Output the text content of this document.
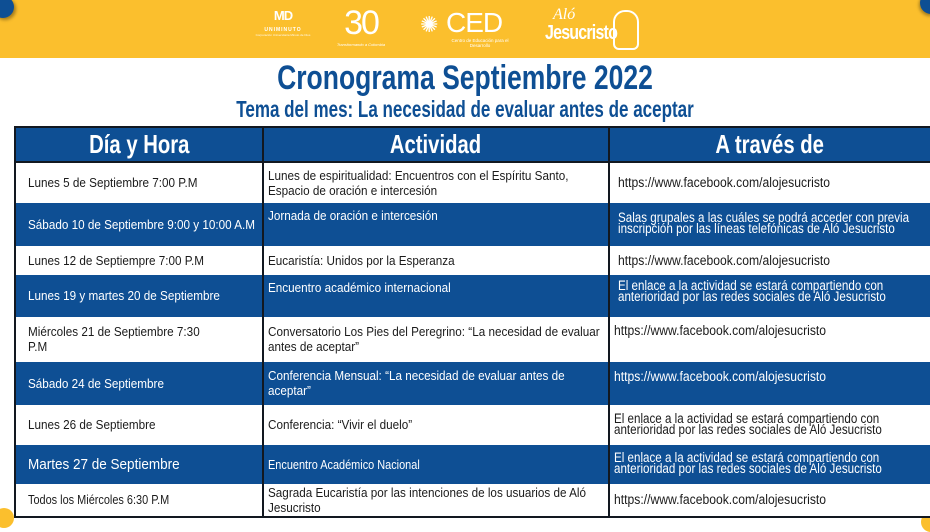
MD
UNIMINUTO
Corporación Universitaria Minuto de Dios 30
Transformando a Colombia
✺ CED
Centro de Educación para el Desarrollo
Aló
Jesucristo
Cronograma Septiembre 2022
Tema del mes: La necesidad de evaluar antes de aceptar
Día y Hora	Actividad	A través de
Lunes 5 de Septiembre 7:00 P.M	Lunes de espiritualidad: Encuentros con el Espíritu Santo, Espacio de oración e intercesión	https://www.facebook.com/alojesucristo
Sábado 10 de Septiembre 9:00 y 10:00 A.M	Jornada de oración e intercesión	Salas grupales a las cuáles se podrá acceder con previa inscripción por las líneas telefónicas de Aló Jesucristo
Lunes 12 de Septiempre 7:00 P.M	Eucaristía: Unidos por la Esperanza	https://www.facebook.com/alojesucristo
Lunes 19 y martes 20 de Septiembre	Encuentro académico internacional	El enlace a la actividad se estará compartiendo con anterioridad por las redes sociales de Aló Jesucristo
Miércoles 21 de Septiembre 7:30 P.M	Conversatorio Los Pies del Peregrino: “La necesidad de evaluar antes de aceptar”	https://www.facebook.com/alojesucristo
Sábado 24 de Septiembre	Conferencia Mensual: “La necesidad de evaluar antes de aceptar”	https://www.facebook.com/alojesucristo
Lunes 26 de Septiembre	Conferencia: “Vivir el duelo”	El enlace a la actividad se estará compartiendo con anterioridad por las redes sociales de Aló Jesucristo
Martes 27 de Septiembre	Encuentro Académico Nacional	El enlace a la actividad se estará compartiendo con anterioridad por las redes sociales de Aló Jesucristo
Todos los Miércoles 6:30 P.M	Sagrada Eucaristía por las intenciones de los usuarios de Aló Jesucristo	https://www.facebook.com/alojesucristo
